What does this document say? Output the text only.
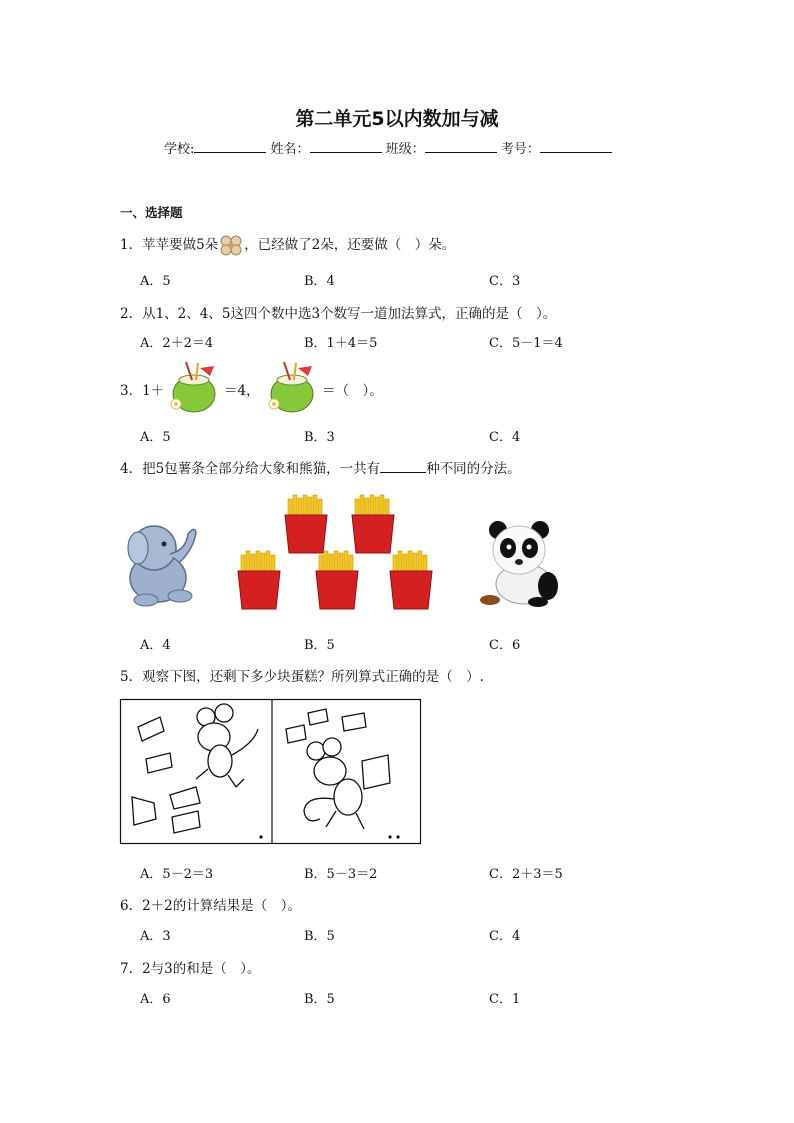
第二单元5以内数加与减
学校:	姓名：	班级：	考号：
一、选择题
1．苹苹要做5朵 ，已经做了2朵，还要做（　）朵。
A．5	B．4	C．3
2．从1、2、4、5这四个数中选3个数写一道加法算式，正确的是（　）。
A．2＋2＝4	B．1＋4＝5	C．5－1＝4
3．1＋	＝4，	＝（　）。
A．5	B．3	C．4
4．把5包薯条全部分给大象和熊猫，一共有	种不同的分法。
A．4	B．5	C．6
5．观察下图，还剩下多少块蛋糕？所列算式正确的是（　）.
A．5－2＝3	B．5－3＝2	C．2＋3＝5
6．2＋2的计算结果是（　）。
A．3	B．5	C．4
7．2与3的和是（　）。
A．6	B．5	C．1
